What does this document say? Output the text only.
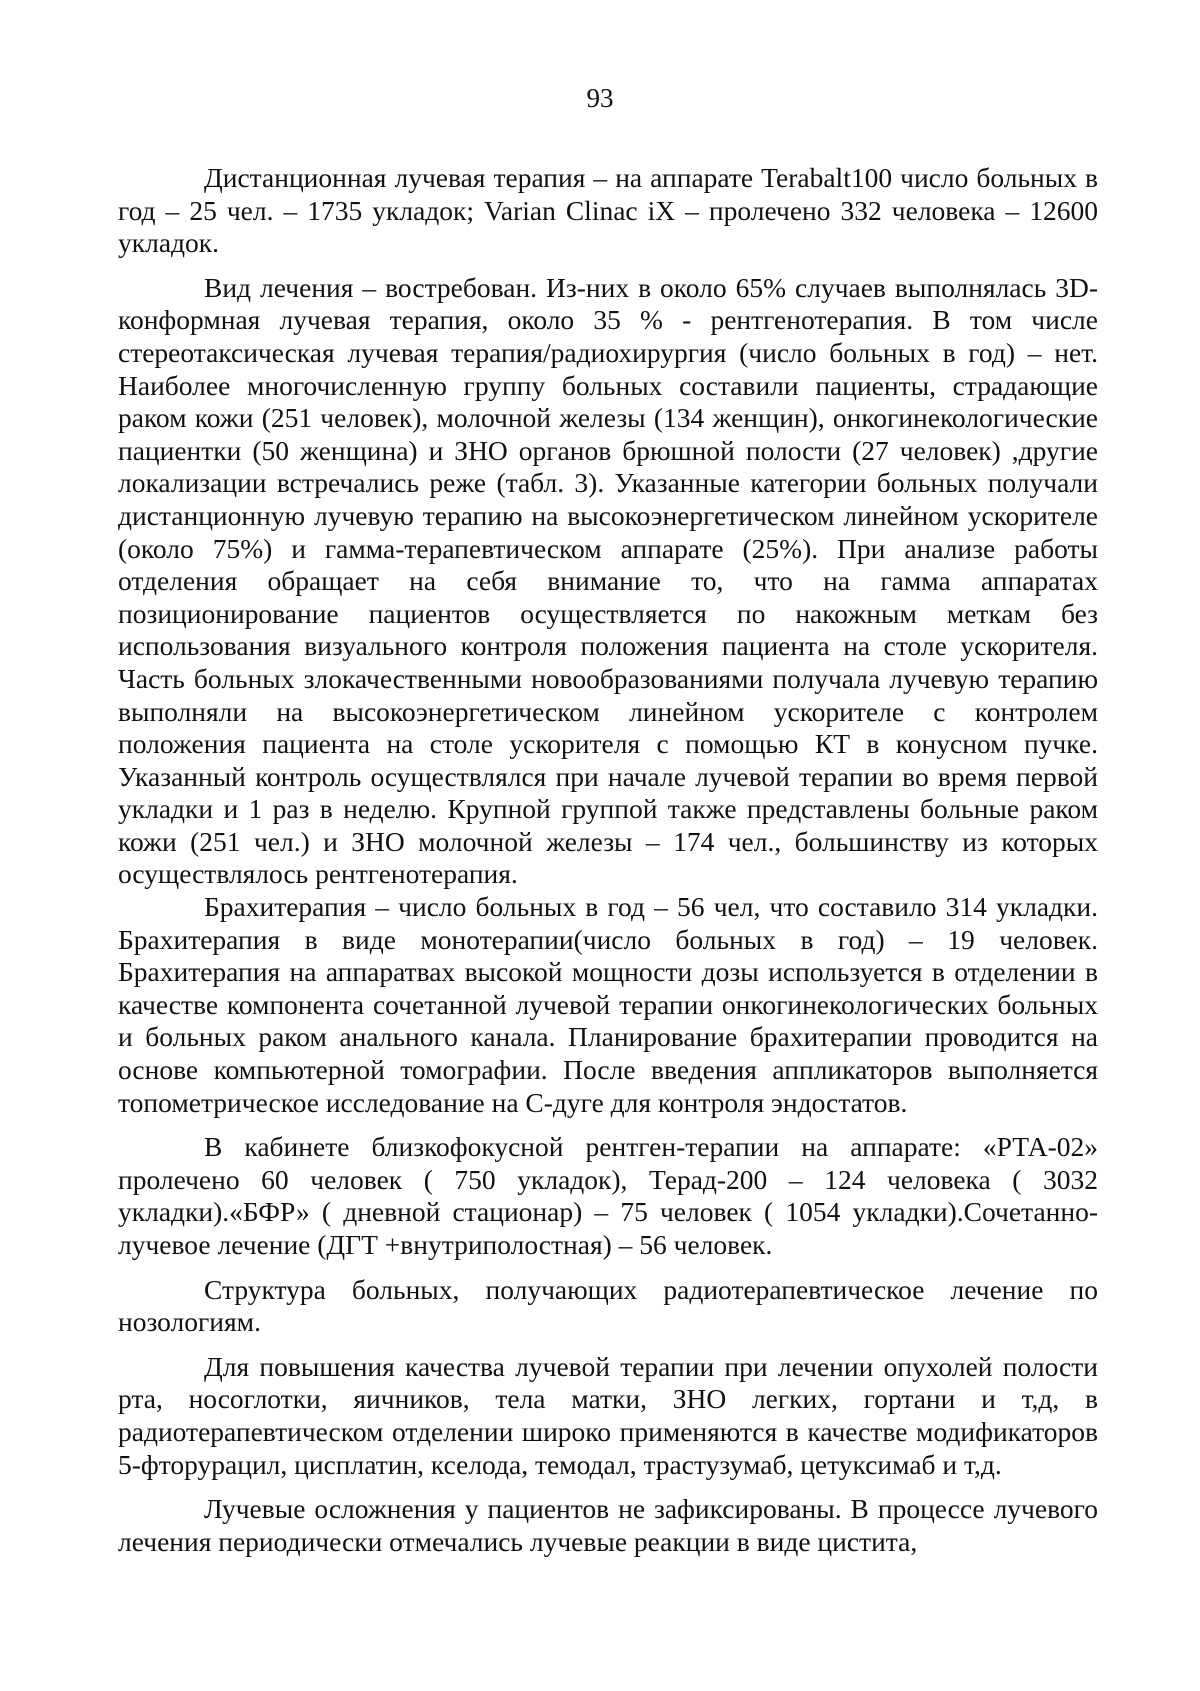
93

Дистанционная лучевая терапия – на аппарате Terabalt100 число больных в год – 25 чел. – 1735 укладок; Varian Clinac iX – пролечено 332 человека – 12600 укладок.

Вид лечения – востребован. Из-них в около 65% случаев выполнялась 3D-конформная лучевая терапия, около 35 % - рентгенотерапия. В том числе стереотаксическая лучевая терапия/радиохирургия (число больных в год) – нет. Наиболее многочисленную группу больных составили пациенты, страдающие раком кожи (251 человек), молочной железы (134 женщин), онкогинекологические пациентки (50 женщина) и ЗНО органов брюшной полости (27 человек) ,другие локализации встречались реже (табл. 3). Указанные категории больных получали дистанционную лучевую терапию на высокоэнергетическом линейном ускорителе (около 75%) и гамма-терапевтическом аппарате (25%). При анализе работы отделения обращает на себя внимание то, что на гамма аппаратах позиционирование пациентов осуществляется по накожным меткам без использования визуального контроля положения пациента на столе ускорителя. Часть больных злокачественными новообразованиями получала лучевую терапию выполняли на высокоэнергетическом линейном ускорителе с контролем положения пациента на столе ускорителя с помощью КТ в конусном пучке. Указанный контроль осуществлялся при начале лучевой терапии во время первой укладки и 1 раз в неделю. Крупной группой также представлены больные раком кожи (251 чел.) и ЗНО молочной железы – 174 чел., большинству из которых осуществлялось рентгенотерапия.

Брахитерапия – число больных в год – 56 чел, что составило 314 укладки. Брахитерапия в виде монотерапии(число больных в год) – 19 человек. Брахитерапия на аппаратвах высокой мощности дозы используется в отделении в качестве компонента сочетанной лучевой терапии онкогинекологических больных и больных раком анального канала. Планирование брахитерапии проводится на основе компьютерной томографии. После введения аппликаторов выполняется топометрическое исследование на С-дуге для контроля эндостатов.

В кабинете близкофокусной рентген-терапии на аппарате: «РТА-02» пролечено 60 человек ( 750 укладок), Терад-200 – 124 человека ( 3032 укладки).«БФР» ( дневной стационар) – 75 человек ( 1054 укладки).Сочетанно-лучевое лечение (ДГТ +внутриполостная) – 56 человек.

Структура больных, получающих радиотерапевтическое лечение по нозологиям.

Для повышения качества лучевой терапии при лечении опухолей полости рта, носоглотки, яичников, тела матки, ЗНО легких, гортани и т,д, в радиотерапевтическом отделении широко применяются в качестве модификаторов 5-фторурацил, цисплатин, кселода, темодал, трастузумаб, цетуксимаб и т,д.

Лучевые осложнения у пациентов не зафиксированы. В процессе лучевого лечения периодически отмечались лучевые реакции в виде цистита,
